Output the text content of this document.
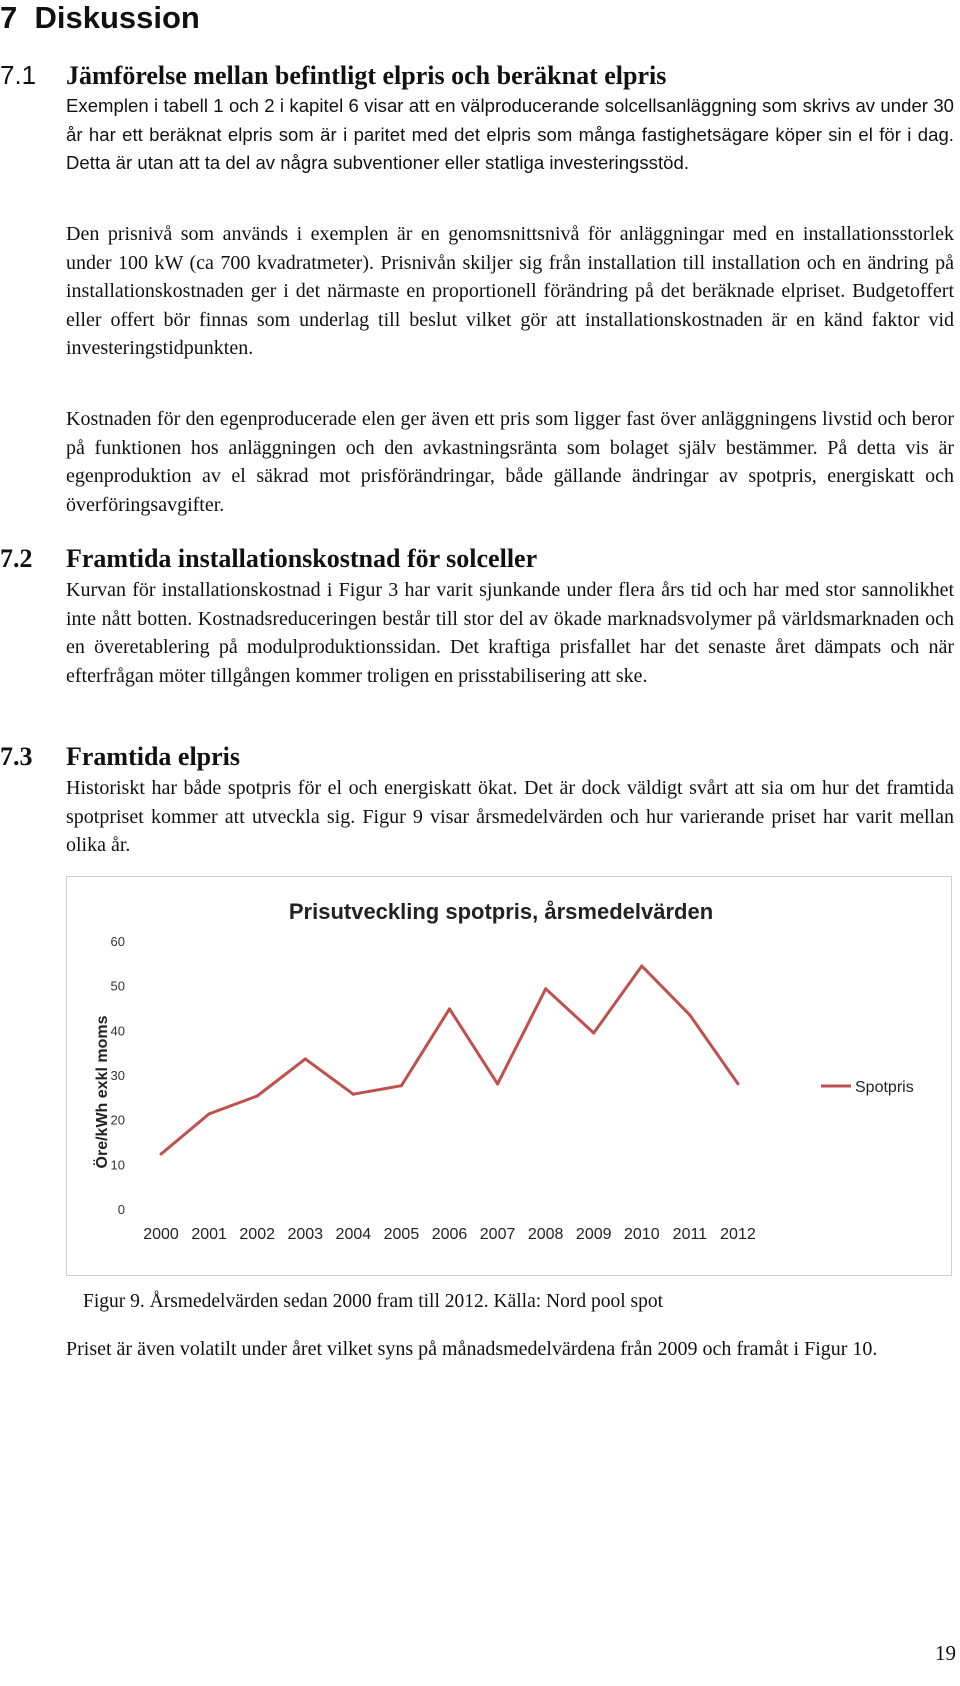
7 Diskussion
7.1 Jämförelse mellan befintligt elpris och beräknat elpris

Exemplen i tabell 1 och 2 i kapitel 6 visar att en välproducerande solcellsanläggning som skrivs av under 30 år har ett beräknat elpris som är i paritet med det elpris som många fastighetsägare köper sin el för i dag. Detta är utan att ta del av några subventioner eller statliga investeringsstöd.

Den prisnivå som används i exemplen är en genomsnittsnivå för anläggningar med en installationsstorlek under 100 kW (ca 700 kvadratmeter). Prisnivån skiljer sig från installation till installation och en ändring på installationskostnaden ger i det närmaste en proportionell förändring på det beräknade elpriset. Budgetoffert eller offert bör finnas som underlag till beslut vilket gör att installationskostnaden är en känd faktor vid investeringstidpunkten.

Kostnaden för den egenproducerade elen ger även ett pris som ligger fast över anläggningens livstid och beror på funktionen hos anläggningen och den avkastningsränta som bolaget själv bestämmer. På detta vis är egenproduktion av el säkrad mot prisförändringar, både gällande ändringar av spotpris, energiskatt och överföringsavgifter.

7.2 Framtida installationskostnad för solceller

Kurvan för installationskostnad i Figur 3 har varit sjunkande under flera års tid och har med stor sannolikhet inte nått botten. Kostnadsreduceringen består till stor del av ökade marknadsvolymer på världsmarknaden och en överetablering på modulproduktionssidan. Det kraftiga prisfallet har det senaste året dämpats och när efterfrågan möter tillgången kommer troligen en prisstabilisering att ske.

7.3 Framtida elpris

Historiskt har både spotpris för el och energiskatt ökat. Det är dock väldigt svårt att sia om hur det framtida spotpriset kommer att utveckla sig. Figur 9 visar årsmedelvärden och hur varierande priset har varit mellan olika år.

Prisutveckling spotpris, årsmedelvärden
Öre/kWh exkl moms
0
10
20
30
40
50
60
2000 2001 2002 2003 2004 2005 2006 2007 2008 2009 2010 2011 2012
Spotpris
Figur 9. Årsmedelvärden sedan 2000 fram till 2012. Källa: Nord pool spot

Priset är även volatilt under året vilket syns på månadsmedelvärdena från 2009 och framåt i Figur 10.

19
